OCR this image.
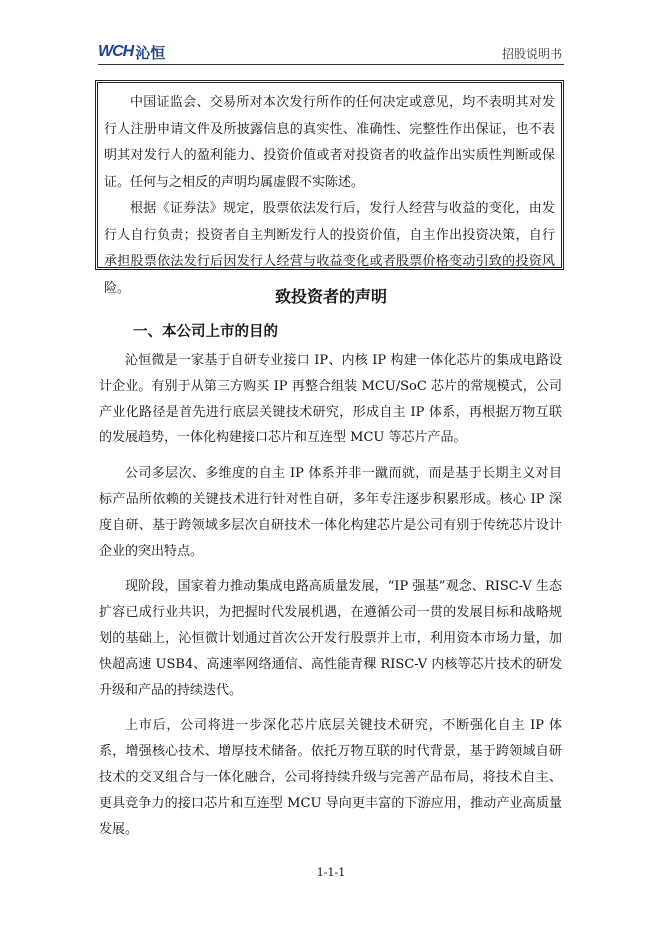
WCH 沁恒	招股说明书

中国证监会、交易所对本次发行所作的任何决定或意见，均不表明其对发行人注册申请文件及所披露信息的真实性、准确性、完整性作出保证，也不表明其对发行人的盈利能力、投资价值或者对投资者的收益作出实质性判断或保证。任何与之相反的声明均属虚假不实陈述。

根据《证券法》规定，股票依法发行后，发行人经营与收益的变化，由发行人自行负责；投资者自主判断发行人的投资价值，自主作出投资决策，自行承担股票依法发行后因发行人经营与收益变化或者股票价格变动引致的投资风险。	致投资者的声明
一、本公司上市的目的

沁恒微是一家基于自研专业接口 IP、内核 IP 构建一体化芯片的集成电路设计企业。有别于从第三方购买 IP 再整合组装 MCU/SoC 芯片的常规模式，公司产业化路径是首先进行底层关键技术研究，形成自主 IP 体系，再根据万物互联的发展趋势，一体化构建接口芯片和互连型 MCU 等芯片产品。

公司多层次、多维度的自主 IP 体系并非一蹴而就，而是基于长期主义对目标产品所依赖的关键技术进行针对性自研，多年专注逐步积累形成。核心 IP 深度自研、基于跨领域多层次自研技术一体化构建芯片是公司有别于传统芯片设计企业的突出特点。

现阶段，国家着力推动集成电路高质量发展，“IP 强基”观念、RISC-V 生态扩容已成行业共识，为把握时代发展机遇，在遵循公司一贯的发展目标和战略规划的基础上，沁恒微计划通过首次公开发行股票并上市，利用资本市场力量，加快超高速 USB4、高速率网络通信、高性能青稞 RISC-V 内核等芯片技术的研发升级和产品的持续迭代。

上市后，公司将进一步深化芯片底层关键技术研究，不断强化自主 IP 体系，增强核心技术、增厚技术储备。依托万物互联的时代背景，基于跨领域自研技术的交叉组合与一体化融合，公司将持续升级与完善产品布局，将技术自主、更具竞争力的接口芯片和互连型 MCU 导向更丰富的下游应用，推动产业高质量发展。

1-1-1
